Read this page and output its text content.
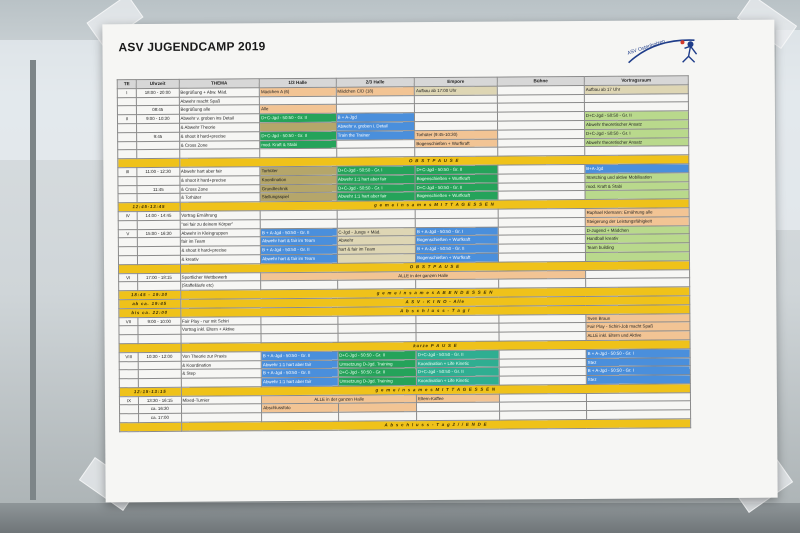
ASV JUGENDCAMP 2019	ASV Ostenholzen
TE	Uhrzeit	THEMA	1/3 Halle	2/3 Halle	Empore	Bühne	Vortragsraum
I	18:00 - 20:00	Begrüßung + Abw. Mäd.	Mädchen A (6)	Mädchen C/D (18)	Aufbau ab 17:00 Uhr		Aufbau ab 17 Uhr
		Abwehr macht Spaß					
	08:45	Begrüßung alle	Alle				
II	9:00 - 10:30	Abwehr v. groben ins Detail	D+C-Jgd - 50:50 - Gr. II	B + A-Jgd			D+C-Jgd - 50:50 - Gr. II
		& Abwehr Theorie		Abwehr v. groben i. Detail			Abwehr theoretischer Ansatz
	9:45	& shoot it hard+precise	D+C-Jgd - 50:50 - Gr. II	Train the Trainer	Torhüter (9:45-10:30)		D+C-Jgd - 50:50 - Gr. I
		& Cross Zone	mod. Kraft & Stabi		Bogenschießen + Wurfkraft		Abwehr theoretischer Ansatz

		O B S T P A U S E					
III	11:00 - 12:30	Abwehr hart aber fair	Torhüter	D+C-Jgd - 50:50 - Gr. I	D+C-Jgd - 50:50 - Gr. II		B+A-Jgd
		& shoot it hard+precise	Koordination	Abwehr 1:1 hart aber fair	Bogenschießen + Wurfkraft		Stretching und aktive Mobilisation
	11:45	& Cross Zone	Grundtechnik	D+C-Jgd - 50:50 - Gr. I	D+C-Jgd - 50:50 - Gr. II		mod. Kraft & Stabi
		& Torhüter	Stellungsspiel	Abwehr 1:1 hart aber fair	Bogenschießen + Wurfkraft		
12:45-13:45		g e m e i n s a m e s M I T T A G E S S E N					
IV	14:00 - 14:45	Vortrag Ernährung					Raphael Klemann: Ernährung alle
		"sei fair zu deinem Körper"					Steigerung der Leistungsfähigkeit
V	15:00 - 16:30	Abwehr in Kleingruppen	B + A-Jgd - 50:50 - Gr. II	C-Jgd - Jungs + Mäd.	B + A-Jgd - 50:50 - Gr. I		D-Jugend + Mädchen
		fair im Team	Abwehr hart & fair im Team	Abwehr	Bogenschießen + Wurfkraft		Handball kreativ
		& shoot it hard+precise	B + A-Jgd - 50:50 - Gr. II	hart & fair im Team	B + A-Jgd - 50:50 - Gr. II		Team building
		& kreativ	Abwehr hart & fair im Team		Bogenschießen + Wurfkraft		
		O B S T P A U S E					
VI	17:00 - 18:15	Sportlicher Wettbewerb	ALLE in der ganzen Halle				
		(Staffelläufe etc)					
18:45 - 19:30		g e m e i n s a m e s A B E N D E S S E N					
ab ca. 19:45		A S V - K I N O - Alle					
bis ca. 22:00		A b s c h l u s s - T a g I					
VII	9:00 - 10:00	Fair Play - nur mit Schiri					Sven Braun
		Vortrag inkl. Eltern + Aktive					Fair Play - Schiri-Job macht Spaß
							ALLE inkl. Eltern und Aktive
		kurze P A U S E					
VIII	10:30 - 12:00	Von Theorie zur Praxis	B + A-Jgd - 50:50 - Gr. II	D+C-Jgd - 50:50 - Gr. II	D+C-Jgd - 50:50 - Gr. II		B + A-Jgd - 50:50 - Gr. I
		& Koordination	Abwehr 1:1 hart aber fair	Umsetzung D-Jgd. Training	Koordination + Life Kinetic		Stez
		& Step	B + A-Jgd - 50:50 - Gr. II	D+C-Jgd - 50:50 - Gr. II	D+C-Jgd - 50:50 - Gr. II		B + A-Jgd - 50:50 - Gr. I
			Abwehr 1:1 hart aber fair	Umsetzung D-Jgd. Training	Koordination + Life Kinetic		Stez
12:15-13:15		g e m e i n s a m e s M I T T A G E S S E N					
IX	13:30 - 16:15	Mixed-Turnier	ALLE in der ganzen Halle		Eltern-Kaffee		
	ca. 16:30		Abschlussfoto				
	ca. 17:00						
		A b s c h l u s s - T a g 2 / / E N D E					
